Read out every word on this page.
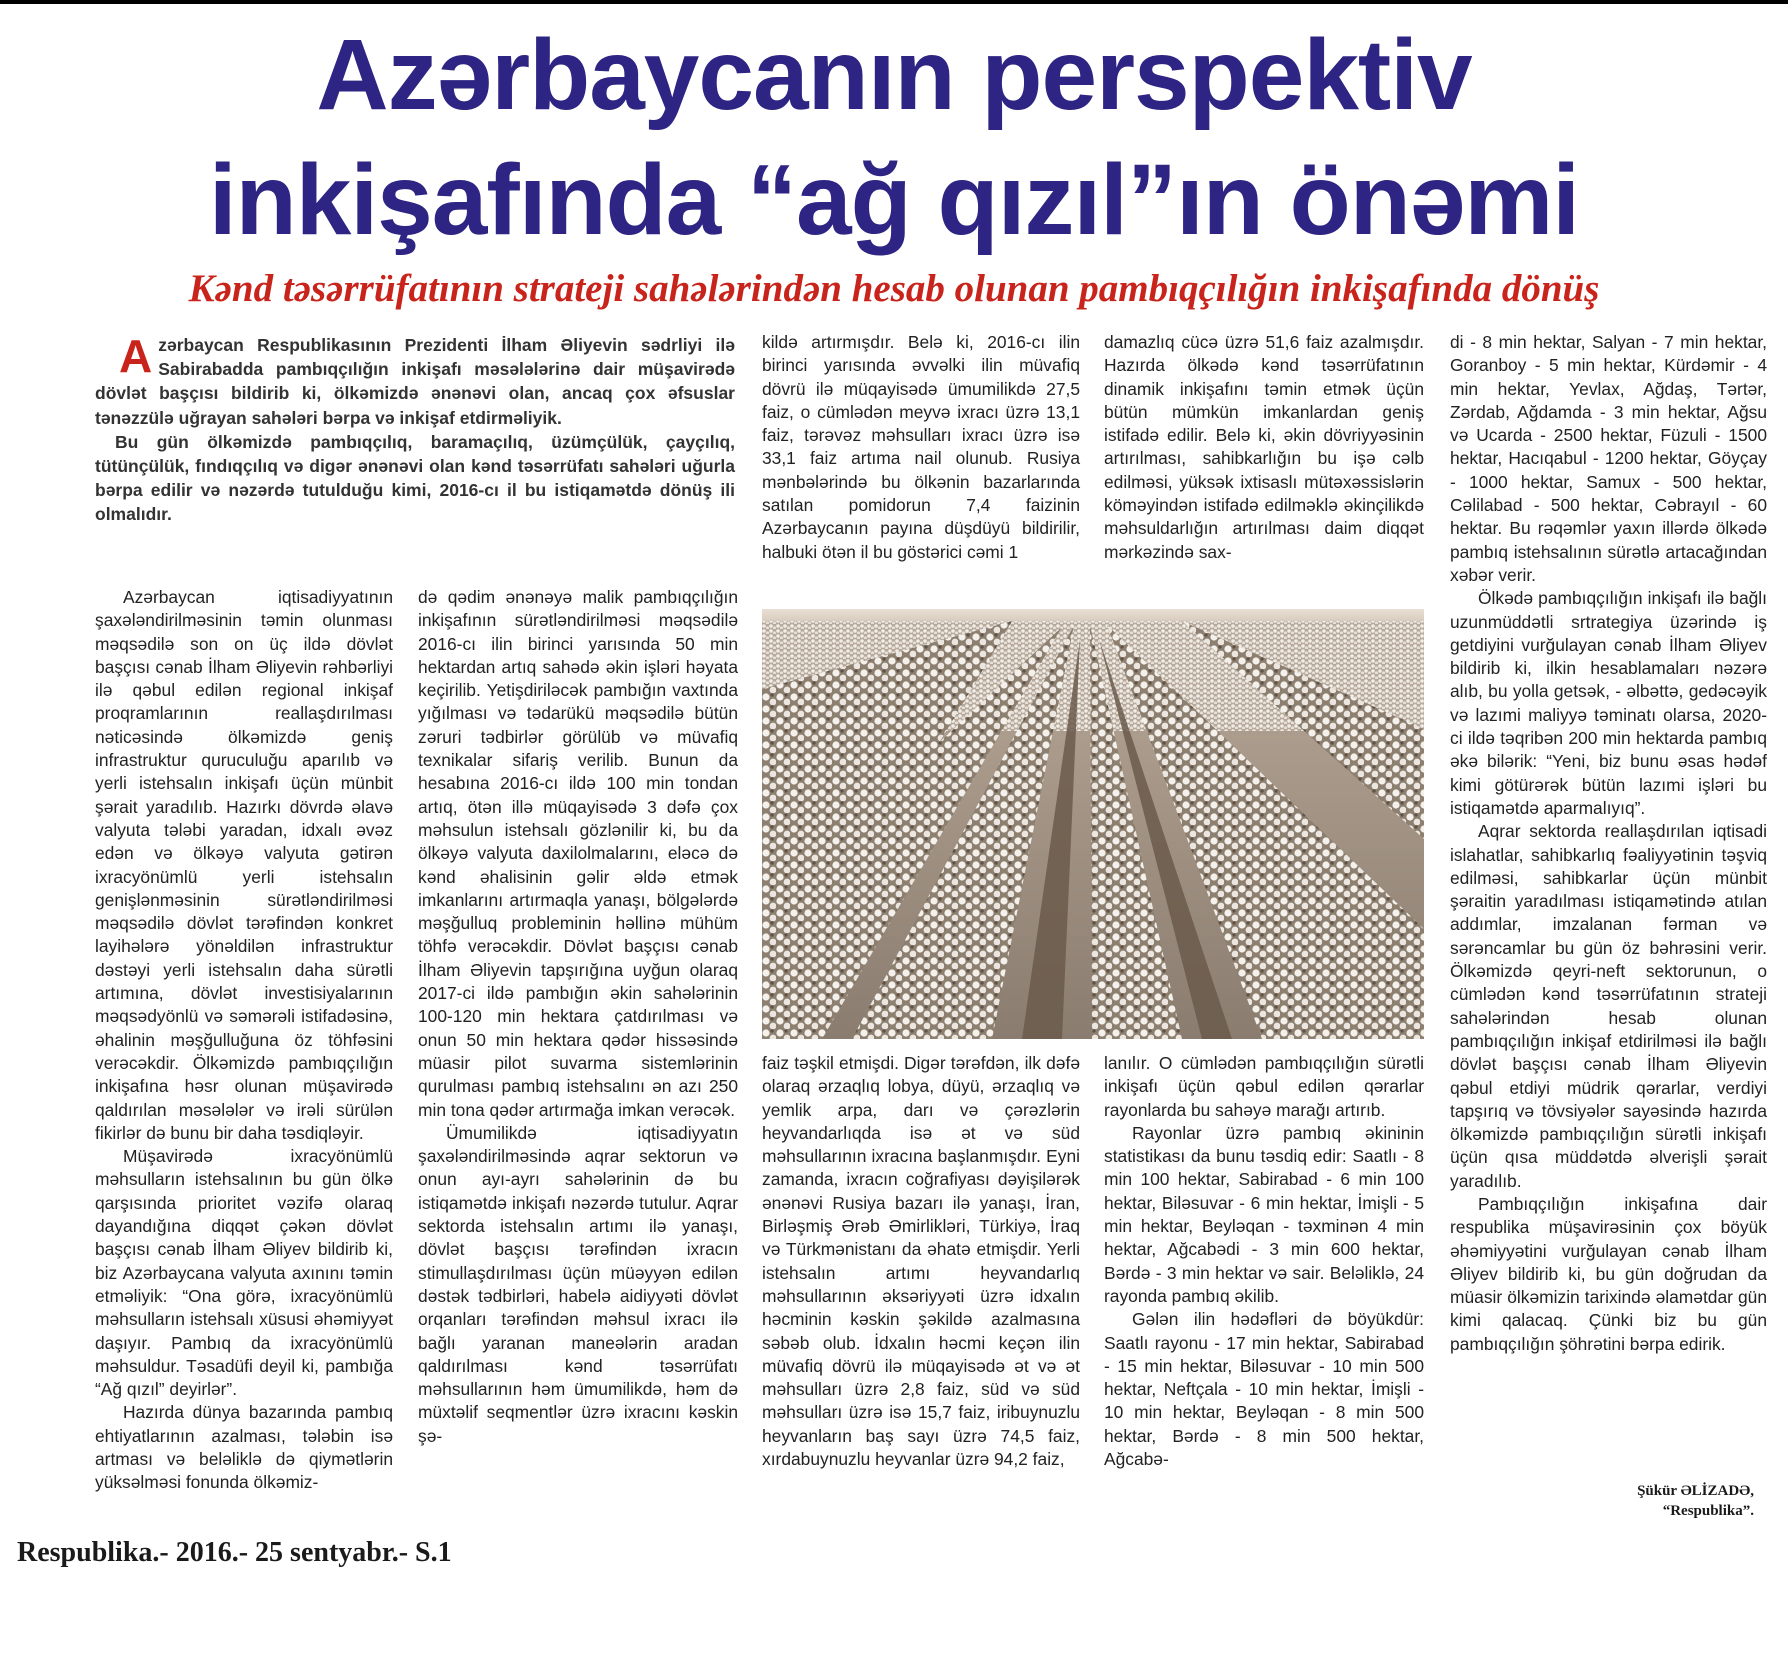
Azərbaycanın perspektiv
inkişafında “ağ qızıl”ın önəmi
Kənd təsərrüfatının strateji sahələrindən hesab olunan pambıqçılığın inkişafında dönüş

Azərbaycan Respublikasının Prezidenti İlham Əliyevin sədrliyi ilə Sabirabadda pambıqçılığın inkişafı məsələlərinə dair müşavirədə dövlət başçısı bildirib ki, ölkəmizdə ənənəvi olan, ancaq çox əfsuslar tənəzzülə uğrayan sahələri bərpa və inkişaf etdirməliyik.

Bu gün ölkəmizdə pambıqçılıq, baramaçılıq, üzümçülük, çayçılıq, tütünçülük, fındıqçılıq və digər ənənəvi olan kənd təsərrüfatı sahələri uğurla bərpa edilir və nəzərdə tutulduğu kimi, 2016-cı il bu istiqamətdə dönüş ili olmalıdır.

Azərbaycan iqtisadiyyatının şaxələndirilməsinin təmin olunması məqsədilə son on üç ildə dövlət başçısı cənab İlham Əliyevin rəhbərliyi ilə qəbul edilən regional inkişaf proqramlarının reallaşdırılması nəticəsində ölkəmizdə geniş infrastruktur quruculuğu aparılıb və yerli istehsalın inkişafı üçün münbit şərait yaradılıb. Hazırkı dövrdə əlavə valyuta tələbi yaradan, idxalı əvəz edən və ölkəyə valyuta gətirən ixracyönümlü yerli istehsalın genişlənməsinin sürətləndirilməsi məqsədilə dövlət tərəfindən konkret layihələrə yönəldilən infrastruktur dəstəyi yerli istehsalın daha sürətli artımına, dövlət investisiyalarının məqsədyönlü və səmərəli istifadəsinə, əhalinin məşğulluğuna öz töhfəsini verəcəkdir. Ölkəmizdə pambıqçılığın inkişafına həsr olunan müşavirədə qaldırılan məsələlər və irəli sürülən fikirlər də bunu bir daha təsdiqləyir.

Müşavirədə ixracyönümlü məhsulların istehsalının bu gün ölkə qarşısında prioritet vəzifə olaraq dayandığına diqqət çəkən dövlət başçısı cənab İlham Əliyev bildirib ki, biz Azərbaycana valyuta axınını təmin etməliyik: “Ona görə, ixracyönümlü məhsulların istehsalı xüsusi əhəmiyyət daşıyır. Pambıq da ixracyönümlü məhsuldur. Təsadüfi deyil ki, pambığa “Ağ qızıl” deyirlər”.

Hazırda dünya bazarında pambıq ehtiyatlarının azalması, tələbin isə artması və beləliklə də qiymətlərin yüksəlməsi fonunda ölkəmiz-

də qədim ənənəyə malik pambıqçılığın inkişafının sürətləndirilməsi məqsədilə 2016-cı ilin birinci yarısında 50 min hektardan artıq sahədə əkin işləri həyata keçirilib. Yetişdiriləcək pambığın vaxtında yığılması və tədarükü məqsədilə bütün zəruri tədbirlər görülüb və müvafiq texnikalar sifariş verilib. Bunun da hesabına 2016-cı ildə 100 min tondan artıq, ötən illə müqayisədə 3 dəfə çox məhsulun istehsalı gözlənilir ki, bu da ölkəyə valyuta daxilolmalarını, eləcə də kənd əhalisinin gəlir əldə etmək imkanlarını artırmaqla yanaşı, bölgələrdə məşğulluq probleminin həllinə mühüm töhfə verəcəkdir. Dövlət başçısı cənab İlham Əliyevin tapşırığına uyğun olaraq 2017-ci ildə pambığın əkin sahələrinin 100-120 min hektara çatdırılması və onun 50 min hektara qədər hissəsində müasir pilot suvarma sistemlərinin qurulması pambıq istehsalını ən azı 250 min tona qədər artırmağa imkan verəcək.

Ümumilikdə iqtisadiyyatın şaxələndirilməsində aqrar sektorun və onun ayı-ayrı sahələrinin də bu istiqamətdə inkişafı nəzərdə tutulur. Aqrar sektorda istehsalın artımı ilə yanaşı, dövlət başçısı tərəfindən ixracın stimullaşdırılması üçün müəyyən edilən dəstək tədbirləri, habelə aidiyyəti dövlət orqanları tərəfindən məhsul ixracı ilə bağlı yaranan maneələrin aradan qaldırılması kənd təsərrüfatı məhsullarının həm ümumilikdə, həm də müxtəlif seqmentlər üzrə ixracını kəskin şə-

kildə artırmışdır. Belə ki, 2016-cı ilin birinci yarısında əvvəlki ilin müvafiq dövrü ilə müqayisədə ümumilikdə 27,5 faiz, o cümlədən meyvə ixracı üzrə 13,1 faiz, tərəvəz məhsulları ixracı üzrə isə 33,1 faiz artıma nail olunub. Rusiya mənbələrində bu ölkənin bazarlarında satılan pomidorun 7,4 faizinin Azərbaycanın payına düşdüyü bildirilir, halbuki ötən il bu göstərici cəmi 1

damazlıq cücə üzrə 51,6 faiz azalmışdır. Hazırda ölkədə kənd təsərrüfatının dinamik inkişafını təmin etmək üçün bütün mümkün imkanlardan geniş istifadə edilir. Belə ki, əkin dövriyyəsinin artırılması, sahibkarlığın bu işə cəlb edilməsi, yüksək ixtisaslı mütəxəssislərin köməyindən istifadə edilməklə əkinçilikdə məhsuldarlığın artırılması daim diqqət mərkəzində sax-

faiz təşkil etmişdi. Digər tərəfdən, ilk dəfə olaraq ərzaqlıq lobya, düyü, ərzaqlıq və yemlik arpa, darı və çərəzlərin heyvandarlıqda isə ət və süd məhsullarının ixracına başlanmışdır. Eyni zamanda, ixracın coğrafiyası dəyişilərək ənənəvi Rusiya bazarı ilə yanaşı, İran, Birləşmiş Ərəb Əmirlikləri, Türkiyə, İraq və Türkmənistanı da əhatə etmişdir. Yerli istehsalın artımı heyvandarlıq məhsullarının əksəriyyəti üzrə idxalın həcminin kəskin şəkildə azalmasına səbəb olub. İdxalın həcmi keçən ilin müvafiq dövrü ilə müqayisədə ət və ət məhsulları üzrə 2,8 faiz, süd və süd məhsulları üzrə isə 15,7 faiz, iribuynuzlu heyvanların baş sayı üzrə 74,5 faiz, xırdabuynuzlu heyvanlar üzrə 94,2 faiz,

lanılır. O cümlədən pambıqçılığın sürətli inkişafı üçün qəbul edilən qərarlar rayonlarda bu sahəyə marağı artırıb.

Rayonlar üzrə pambıq əkininin statistikası da bunu təsdiq edir: Saatlı - 8 min 100 hektar, Sabirabad - 6 min 100 hektar, Biləsuvar - 6 min hektar, İmişli - 5 min hektar, Beyləqan - təxminən 4 min hektar, Ağcabədi - 3 min 600 hektar, Bərdə - 3 min hektar və sair. Beləliklə, 24 rayonda pambıq əkilib.

Gələn ilin hədəfləri də böyükdür: Saatlı rayonu - 17 min hektar, Sabirabad - 15 min hektar, Biləsuvar - 10 min 500 hektar, Neftçala - 10 min hektar, İmişli - 10 min hektar, Beyləqan - 8 min 500 hektar, Bərdə - 8 min 500 hektar, Ağcabə-

di - 8 min hektar, Salyan - 7 min hektar, Goranboy - 5 min hektar, Kürdəmir - 4 min hektar, Yevlax, Ağdaş, Tərtər, Zərdab, Ağdamda - 3 min hektar, Ağsu və Ucarda - 2500 hektar, Füzuli - 1500 hektar, Hacıqabul - 1200 hektar, Göyçay - 1000 hektar, Samux - 500 hektar, Cəlilabad - 500 hektar, Cəbrayıl - 60 hektar. Bu rəqəmlər yaxın illərdə ölkədə pambıq istehsalının sürətlə artacağından xəbər verir.

Ölkədə pambıqçılığın inkişafı ilə bağlı uzunmüddətli srtrategiya üzərində iş getdiyini vurğulayan cənab İlham Əliyev bildirib ki, ilkin hesablamaları nəzərə alıb, bu yolla getsək, - əlbəttə, gedəcəyik və lazımi maliyyə təminatı olarsa, 2020-ci ildə təqribən 200 min hektarda pambıq əkə bilərik: “Yeni, biz bunu əsas hədəf kimi götürərək bütün lazımi işləri bu istiqamətdə aparmalıyıq”.

Aqrar sektorda reallaşdırılan iqtisadi islahatlar, sahibkarlıq fəaliyyətinin təşviq edilməsi, sahibkarlar üçün münbit şəraitin yaradılması istiqamətində atılan addımlar, imzalanan fərman və sərəncamlar bu gün öz bəhrəsini verir. Ölkəmizdə qeyri-neft sektorunun, o cümlədən kənd təsərrüfatının strateji sahələrindən hesab olunan pambıqçılığın inkişaf etdirilməsi ilə bağlı dövlət başçısı cənab İlham Əliyevin qəbul etdiyi müdrik qərarlar, verdiyi tapşırıq və tövsiyələr sayəsində hazırda ölkəmizdə pambıqçılığın sürətli inkişafı üçün qısa müddətdə əlverişli şərait yaradılıb.

Pambıqçılığın inkişafına dair respublika müşavirəsinin çox böyük əhəmiyyətini vurğulayan cənab İlham Əliyev bildirib ki, bu gün doğrudan da müasir ölkəmizin tarixində əlamətdar gün kimi qalacaq. Çünki biz bu gün pambıqçılığın şöhrətini bərpa edirik.

Şükür ƏLİZADƏ,
“Respublika”.
Respublika.- 2016.- 25 sentyabr.- S.1
